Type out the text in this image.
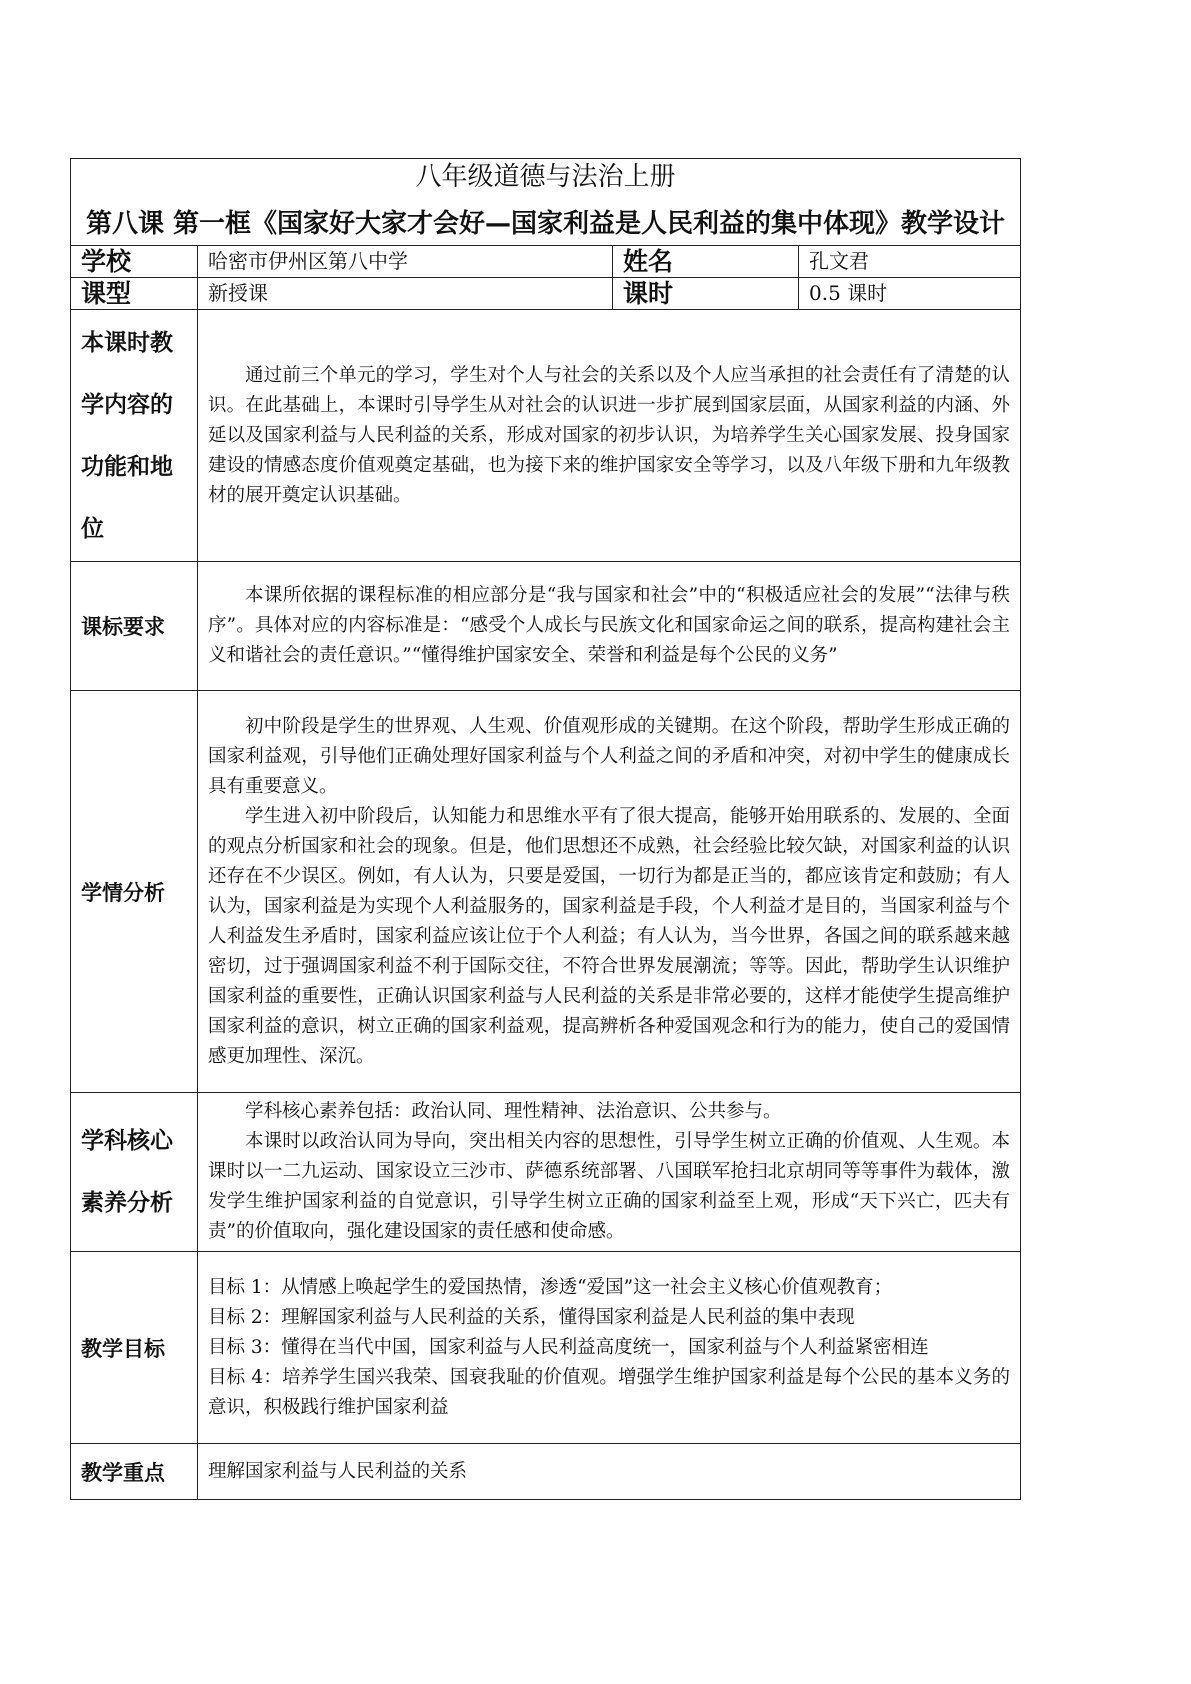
八年级道德与法治上册
第八课 第一框《国家好大家才会好—国家利益是人民利益的集中体现》教学设计			

学校	哈密市伊州区第八中学	姓名	孔文君
课型	新授课	课时	0.5 课时
本课时教学内容的功能和地位	通过前三个单元的学习，学生对个人与社会的关系以及个人应当承担的社会责任有了清楚的认识。在此基础上，本课时引导学生从对社会的认识进一步扩展到国家层面，从国家利益的内涵、外延以及国家利益与人民利益的关系，形成对国家的初步认识，为培养学生关心国家发展、投身国家建设的情感态度价值观奠定基础，也为接下来的维护国家安全等学习，以及八年级下册和九年级教材的展开奠定认识基础。		

课标要求	本课所依据的课程标准的相应部分是“我与国家和社会”中的“积极适应社会的发展”“法律与秩序”。具体对应的内容标准是：“感受个人成长与民族文化和国家命运之间的联系，提高构建社会主义和谐社会的责任意识。”“懂得维护国家安全、荣誉和利益是每个公民的义务”		

学情分析	初中阶段是学生的世界观、人生观、价值观形成的关键期。在这个阶段，帮助学生形成正确的国家利益观，引导他们正确处理好国家利益与个人利益之间的矛盾和冲突，对初中学生的健康成长具有重要意义。

学生进入初中阶段后，认知能力和思维水平有了很大提高，能够开始用联系的、发展的、全面的观点分析国家和社会的现象。但是，他们思想还不成熟，社会经验比较欠缺，对国家利益的认识还存在不少误区。例如，有人认为，只要是爱国，一切行为都是正当的，都应该肯定和鼓励；有人认为，国家利益是为实现个人利益服务的，国家利益是手段，个人利益才是目的，当国家利益与个人利益发生矛盾时，国家利益应该让位于个人利益；有人认为，当今世界，各国之间的联系越来越密切，过于强调国家利益不利于国际交往，不符合世界发展潮流；等等。因此，帮助学生认识维护国家利益的重要性，正确认识国家利益与人民利益的关系是非常必要的，这样才能使学生提高维护国家利益的意识，树立正确的国家利益观，提高辨析各种爱国观念和行为的能力，使自己的爱国情感更加理性、深沉。		

学科核心素养分析	学科核心素养包括：政治认同、理性精神、法治意识、公共参与。

本课时以政治认同为导向，突出相关内容的思想性，引导学生树立正确的价值观、人生观。本课时以一二九运动、国家设立三沙市、萨德系统部署、八国联军抢扫北京胡同等等事件为载体，激发学生维护国家利益的自觉意识，引导学生树立正确的国家利益至上观，形成“天下兴亡，匹夫有责”的价值取向，强化建设国家的责任感和使命感。		

教学目标	目标 1：从情感上唤起学生的爱国热情，渗透“爱国”这一社会主义核心价值观教育；

目标 2：理解国家利益与人民利益的关系，懂得国家利益是人民利益的集中表现

目标 3：懂得在当代中国，国家利益与人民利益高度统一，国家利益与个人利益紧密相连

目标 4：培养学生国兴我荣、国衰我耻的价值观。增强学生维护国家利益是每个公民的基本义务的意识，积极践行维护国家利益		

教学重点	理解国家利益与人民利益的关系		
